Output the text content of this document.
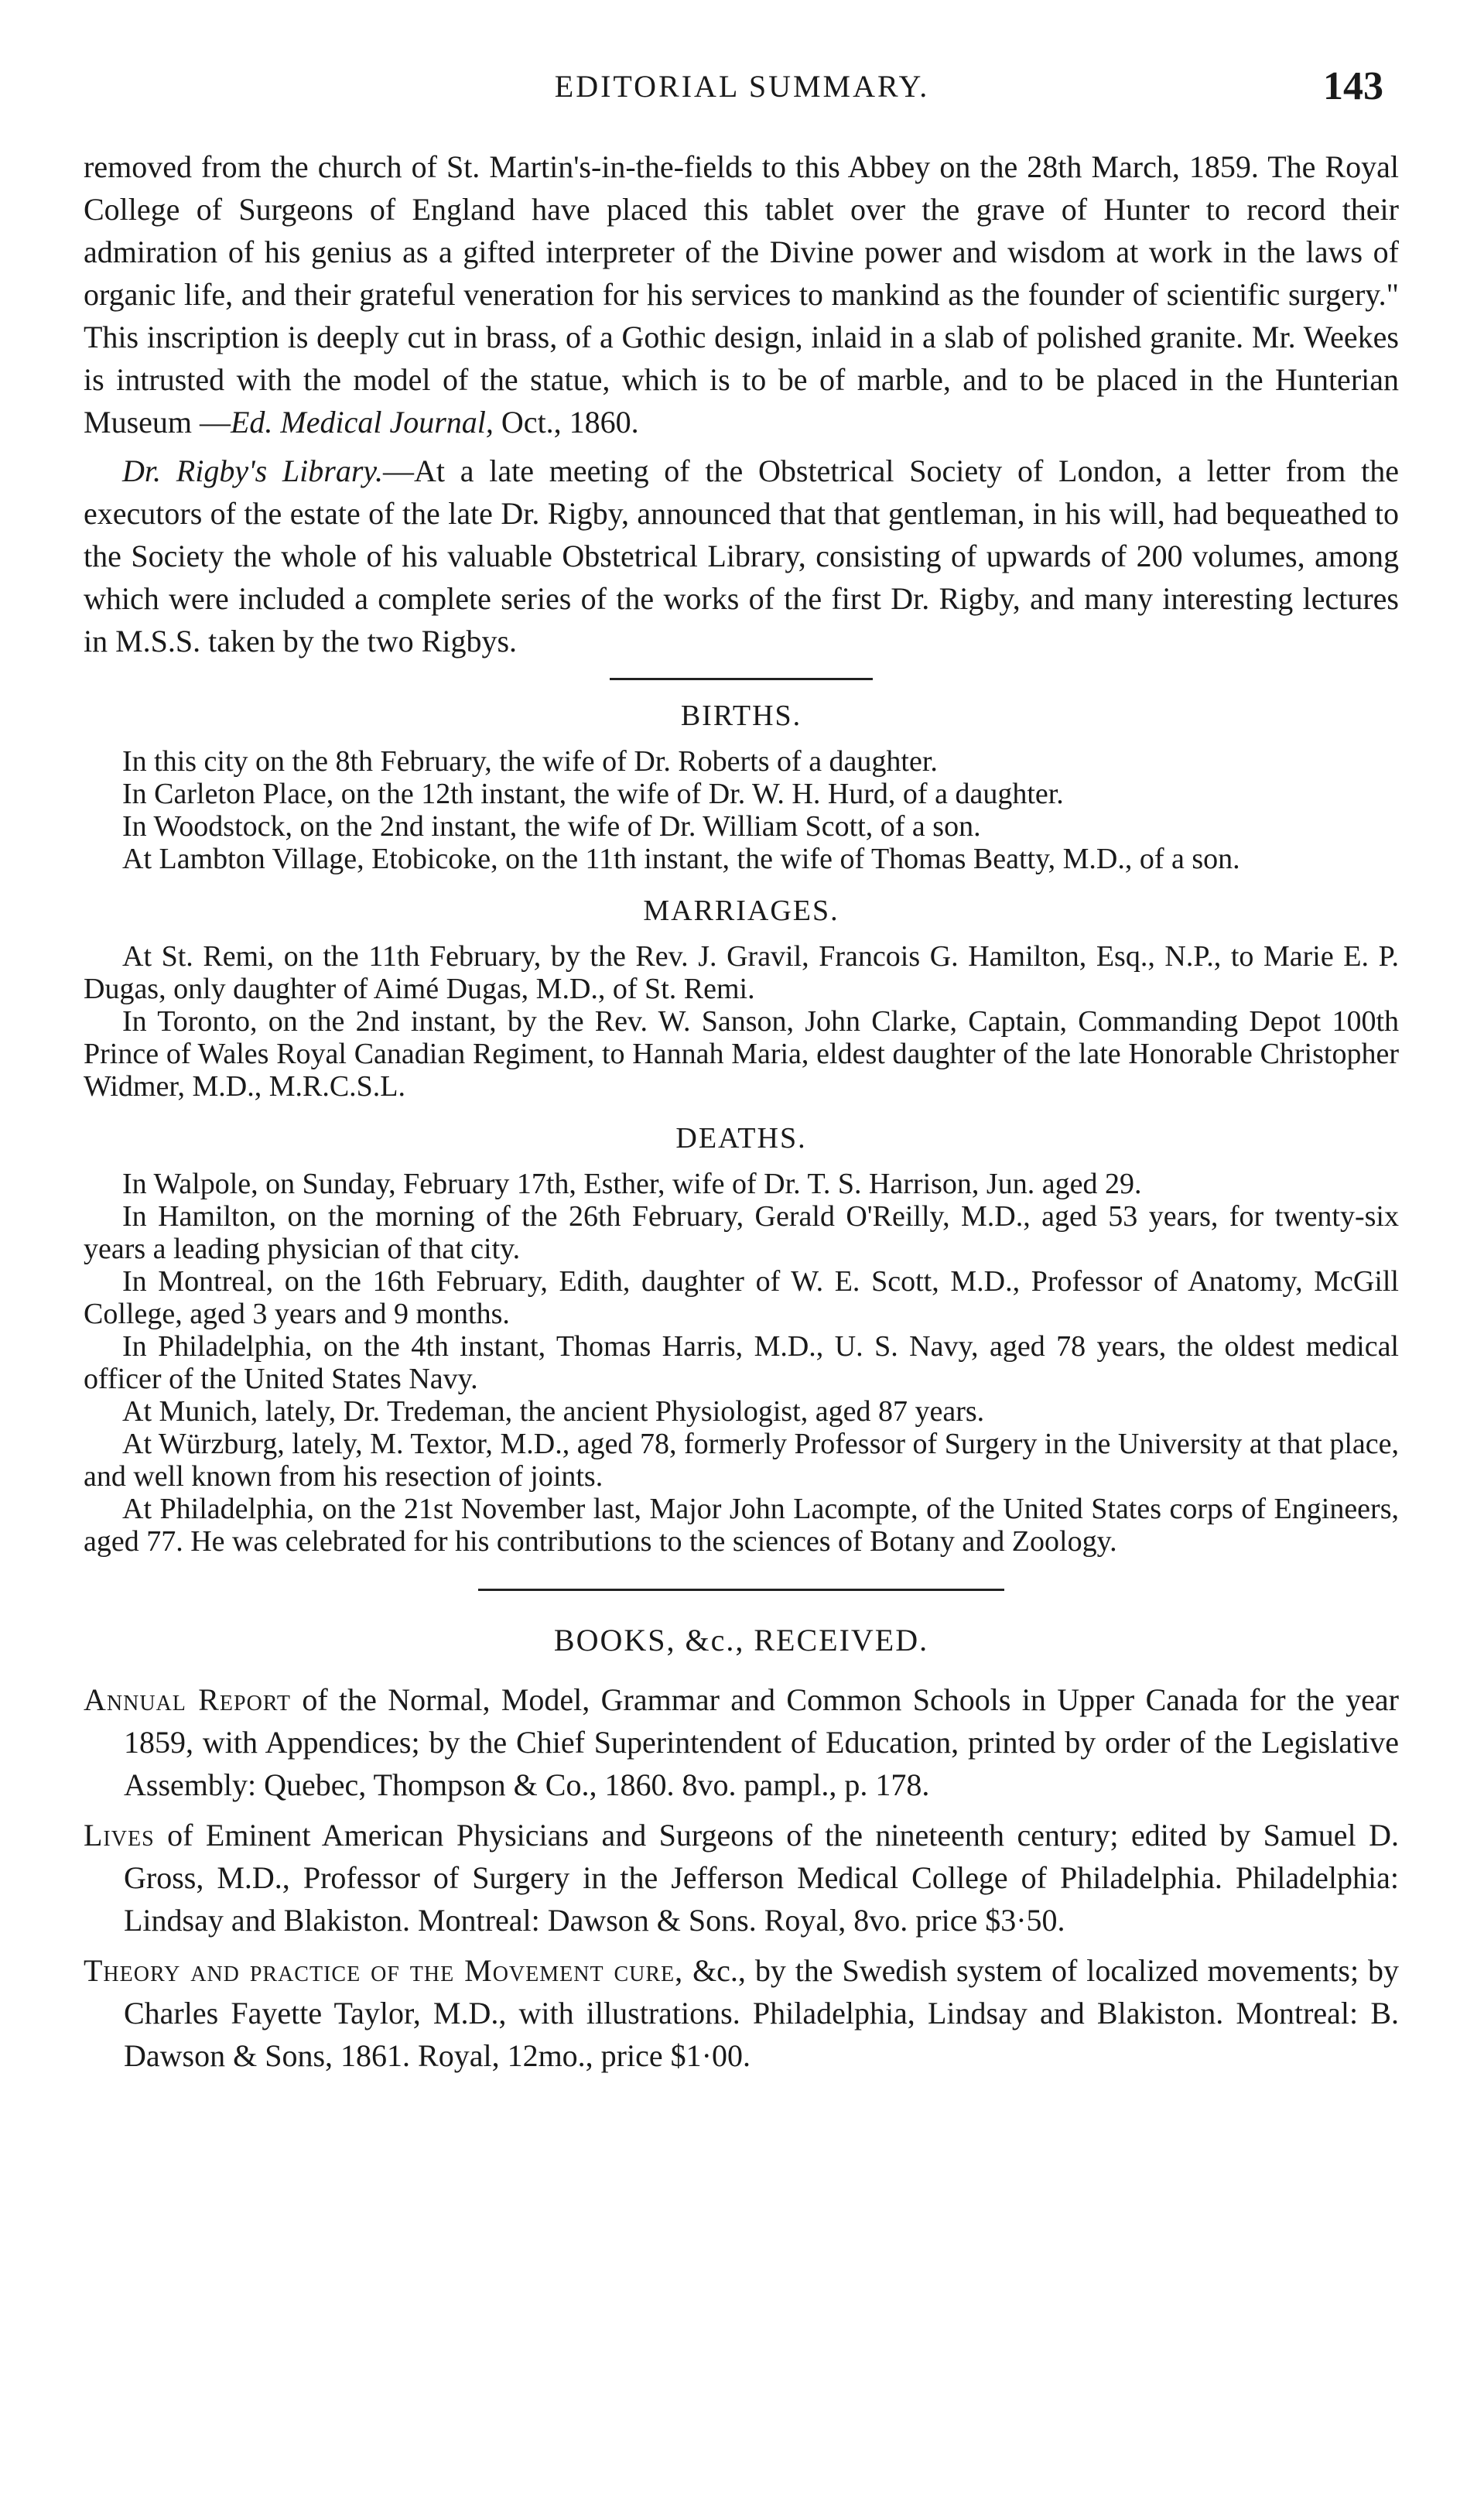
EDITORIAL SUMMARY.	143

removed from the church of St. Martin's-in-the-fields to this Abbey on the 28th March, 1859. The Royal College of Surgeons of England have placed this tablet over the grave of Hunter to record their admiration of his genius as a gifted interpreter of the Divine power and wisdom at work in the laws of organic life, and their grateful veneration for his services to mankind as the founder of scientific surgery." This inscription is deeply cut in brass, of a Gothic design, inlaid in a slab of polished granite. Mr. Weekes is intrusted with the model of the statue, which is to be of marble, and to be placed in the Hunterian Museum —Ed. Medical Journal, Oct., 1860.

Dr. Rigby's Library.—At a late meeting of the Obstetrical Society of London, a letter from the executors of the estate of the late Dr. Rigby, announced that that gentleman, in his will, had bequeathed to the Society the whole of his valuable Obstetrical Library, consisting of upwards of 200 volumes, among which were included a complete series of the works of the first Dr. Rigby, and many interesting lectures in M.S.S. taken by the two Rigbys.

BIRTHS.

In this city on the 8th February, the wife of Dr. Roberts of a daughter.

In Carleton Place, on the 12th instant, the wife of Dr. W. H. Hurd, of a daughter.

In Woodstock, on the 2nd instant, the wife of Dr. William Scott, of a son.

At Lambton Village, Etobicoke, on the 11th instant, the wife of Thomas Beatty, M.D., of a son.

MARRIAGES.

At St. Remi, on the 11th February, by the Rev. J. Gravil, Francois G. Hamilton, Esq., N.P., to Marie E. P. Dugas, only daughter of Aimé Dugas, M.D., of St. Remi.

In Toronto, on the 2nd instant, by the Rev. W. Sanson, John Clarke, Captain, Commanding Depot 100th Prince of Wales Royal Canadian Regiment, to Hannah Maria, eldest daughter of the late Honorable Christopher Widmer, M.D., M.R.C.S.L.

DEATHS.

In Walpole, on Sunday, February 17th, Esther, wife of Dr. T. S. Harrison, Jun. aged 29.

In Hamilton, on the morning of the 26th February, Gerald O'Reilly, M.D., aged 53 years, for twenty-six years a leading physician of that city.

In Montreal, on the 16th February, Edith, daughter of W. E. Scott, M.D., Professor of Anatomy, McGill College, aged 3 years and 9 months.

In Philadelphia, on the 4th instant, Thomas Harris, M.D., U. S. Navy, aged 78 years, the oldest medical officer of the United States Navy.

At Munich, lately, Dr. Tredeman, the ancient Physiologist, aged 87 years.

At Würzburg, lately, M. Textor, M.D., aged 78, formerly Professor of Surgery in the University at that place, and well known from his resection of joints.

At Philadelphia, on the 21st November last, Major John Lacompte, of the United States corps of Engineers, aged 77. He was celebrated for his contributions to the sciences of Botany and Zoology.

BOOKS, &c., RECEIVED.

Annual Report of the Normal, Model, Grammar and Common Schools in Upper Canada for the year 1859, with Appendices; by the Chief Superintendent of Education, printed by order of the Legislative Assembly: Quebec, Thompson & Co., 1860. 8vo. pampl., p. 178.

Lives of Eminent American Physicians and Surgeons of the nineteenth century; edited by Samuel D. Gross, M.D., Professor of Surgery in the Jefferson Medical College of Philadelphia. Philadelphia: Lindsay and Blakiston. Montreal: Dawson & Sons. Royal, 8vo. price $3·50.

Theory and practice of the Movement cure, &c., by the Swedish system of localized movements; by Charles Fayette Taylor, M.D., with illustrations. Philadelphia, Lindsay and Blakiston. Montreal: B. Dawson & Sons, 1861. Royal, 12mo., price $1·00.
